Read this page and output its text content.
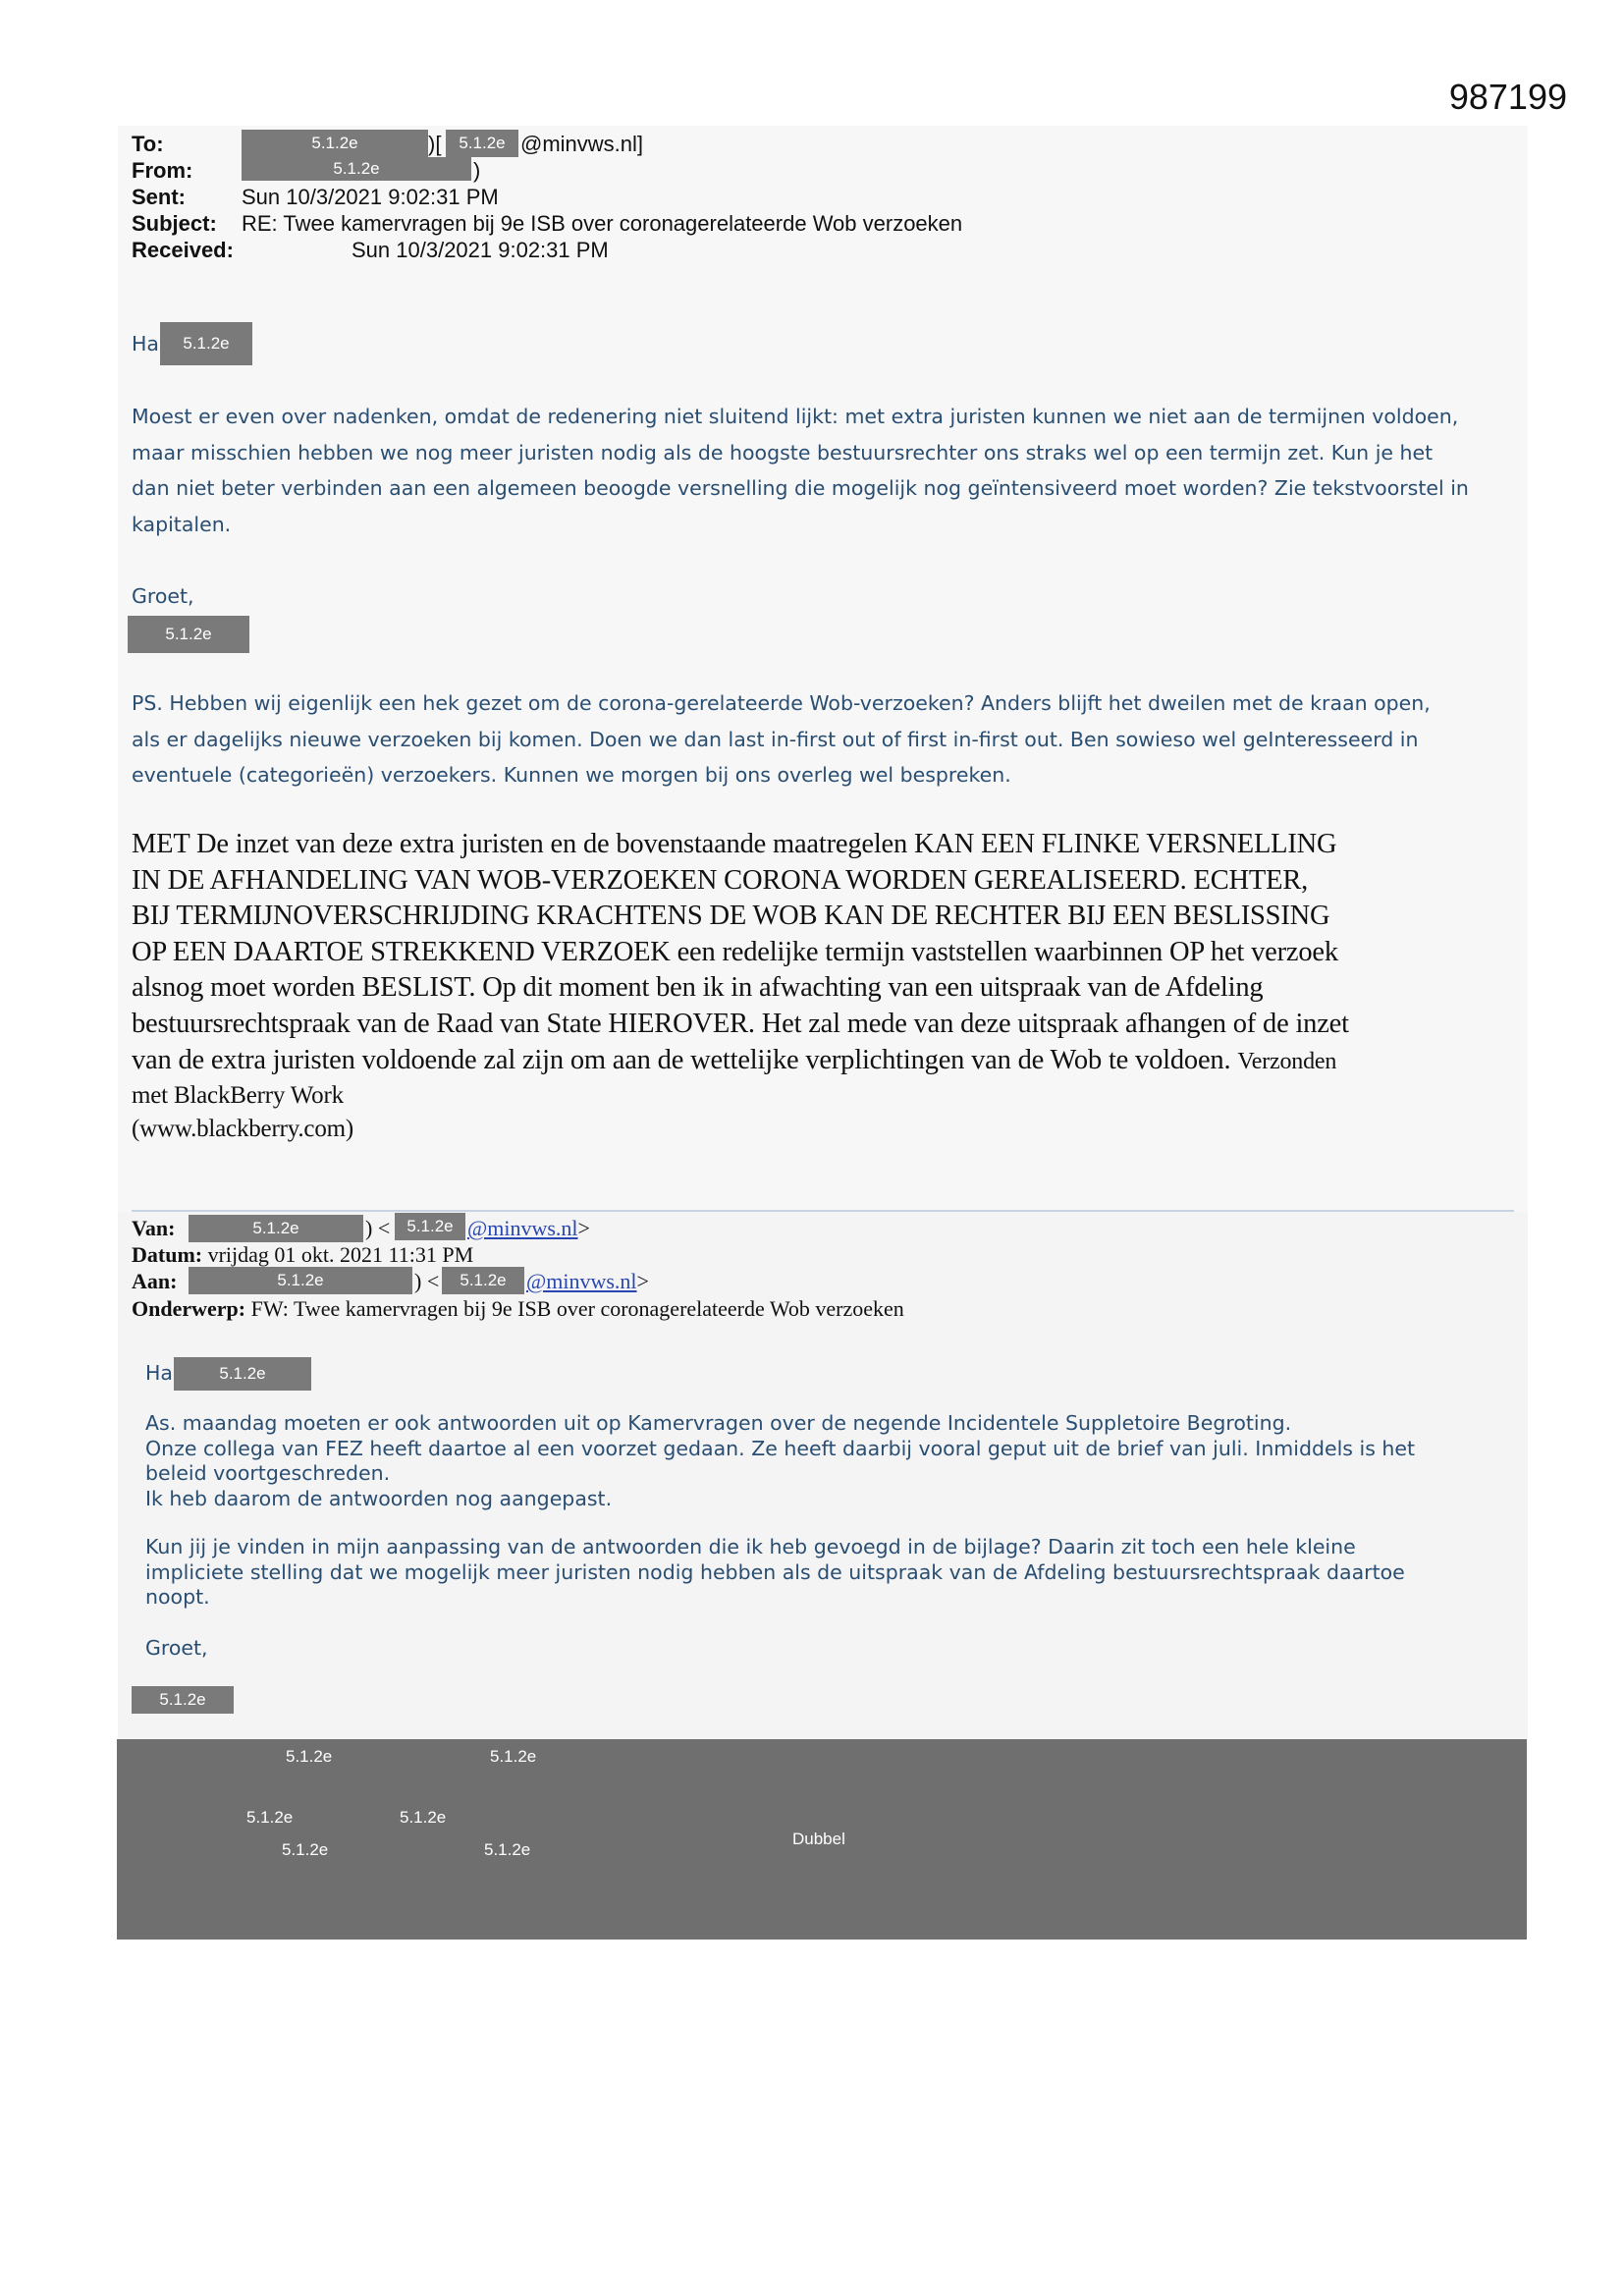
987199
To:	5.1.2e	)[	5.1.2e @minvws.nl]
From:	5.1.2e	)
Sent:	Sun 10/3/2021 9:02:31 PM
Subject: RE: Twee kamervragen bij 9e ISB over coronagerelateerde Wob verzoeken
Received:	Sun 10/3/2021 9:02:31 PM
Ha	5.1.2e
Moest er even over nadenken, omdat de redenering niet sluitend lijkt: met extra juristen kunnen we niet aan de termijnen voldoen,
maar misschien hebben we nog meer juristen nodig als de hoogste bestuursrechter ons straks wel op een termijn zet. Kun je het
dan niet beter verbinden aan een algemeen beoogde versnelling die mogelijk nog geïntensiveerd moet worden? Zie tekstvoorstel in
kapitalen.
Groet,
5.1.2e
PS. Hebben wij eigenlijk een hek gezet om de corona-gerelateerde Wob-verzoeken? Anders blijft het dweilen met de kraan open,
als er dagelijks nieuwe verzoeken bij komen. Doen we dan last in-first out of first in-first out. Ben sowieso wel geInteresseerd in
eventuele (categorieën) verzoekers. Kunnen we morgen bij ons overleg wel bespreken.
MET De inzet van deze extra juristen en de bovenstaande maatregelen KAN EEN FLINKE VERSNELLING
IN DE AFHANDELING VAN WOB-VERZOEKEN CORONA WORDEN GEREALISEERD. ECHTER,
BIJ TERMIJNOVERSCHRIJDING KRACHTENS DE WOB KAN DE RECHTER BIJ EEN BESLISSING
OP EEN DAARTOE STREKKEND VERZOEK een redelijke termijn vaststellen waarbinnen OP het verzoek
alsnog moet worden BESLIST. Op dit moment ben ik in afwachting van een uitspraak van de Afdeling
bestuursrechtspraak van de Raad van State HIEROVER. Het zal mede van deze uitspraak afhangen of de inzet
van de extra juristen voldoende zal zijn om aan de wettelijke verplichtingen van de Wob te voldoen. Verzonden
met BlackBerry Work
(www.blackberry.com)
Van:	5.1.2e	) <	5.1.2e @minvws.nl>
Datum: vrijdag 01 okt. 2021 11:31 PM
Aan:	5.1.2e	) <	5.1.2e @minvws.nl>
Onderwerp: FW: Twee kamervragen bij 9e ISB over coronagerelateerde Wob verzoeken
Ha	5.1.2e
As. maandag moeten er ook antwoorden uit op Kamervragen over de negende Incidentele Suppletoire Begroting.
Onze collega van FEZ heeft daartoe al een voorzet gedaan. Ze heeft daarbij vooral geput uit de brief van juli. Inmiddels is het
beleid voortgeschreden.
Ik heb daarom de antwoorden nog aangepast.
Kun jij je vinden in mijn aanpassing van de antwoorden die ik heb gevoegd in de bijlage? Daarin zit toch een hele kleine
impliciete stelling dat we mogelijk meer juristen nodig hebben als de uitspraak van de Afdeling bestuursrechtspraak daartoe
noopt.
Groet,
5.1.2e
5.1.2e	5.1.2e
5.1.2e	5.1.2e
5.1.2e	5.1.2e
Dubbel
